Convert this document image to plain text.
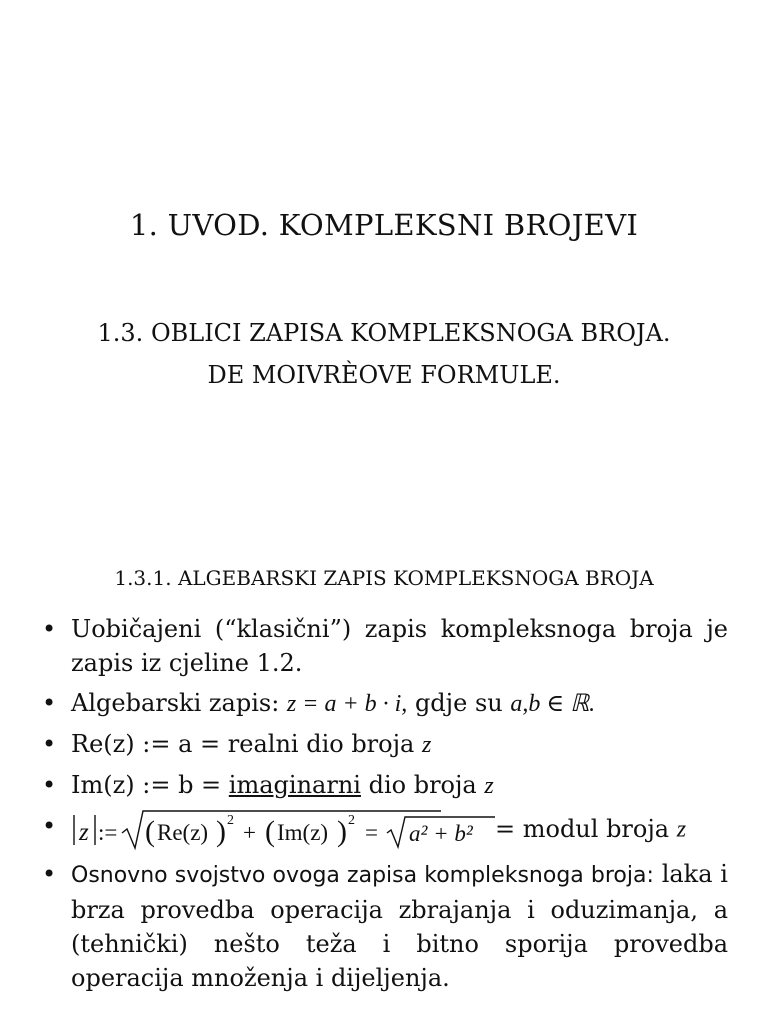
1. UVOD. KOMPLEKSNI BROJEVI
1.3. OBLICI ZAPISA KOMPLEKSNOGA BROJA.
DE MOIVRÈOVE FORMULE.
1.3.1. ALGEBARSKI ZAPIS KOMPLEKSNOGA BROJA
• Uobičajeni (“klasični”) zapis kompleksnoga broja je zapis iz cjeline 1.2.
• Algebarski zapis: z = a + b · i, gdje su a,b ∈ ℝ.
• Re(z) := a = realni dio broja z
• Im(z) := b = imaginarni dio broja z
• z := ( Re(z) ) 2 + ( Im(z) ) 2 = a² + b² = modul broja z
• Osnovno svojstvo ovoga zapisa kompleksnoga broja: laka i brza provedba operacija zbrajanja i oduzimanja, a (tehnički) nešto teža i bitno sporija provedba operacija množenja i dijeljenja.
